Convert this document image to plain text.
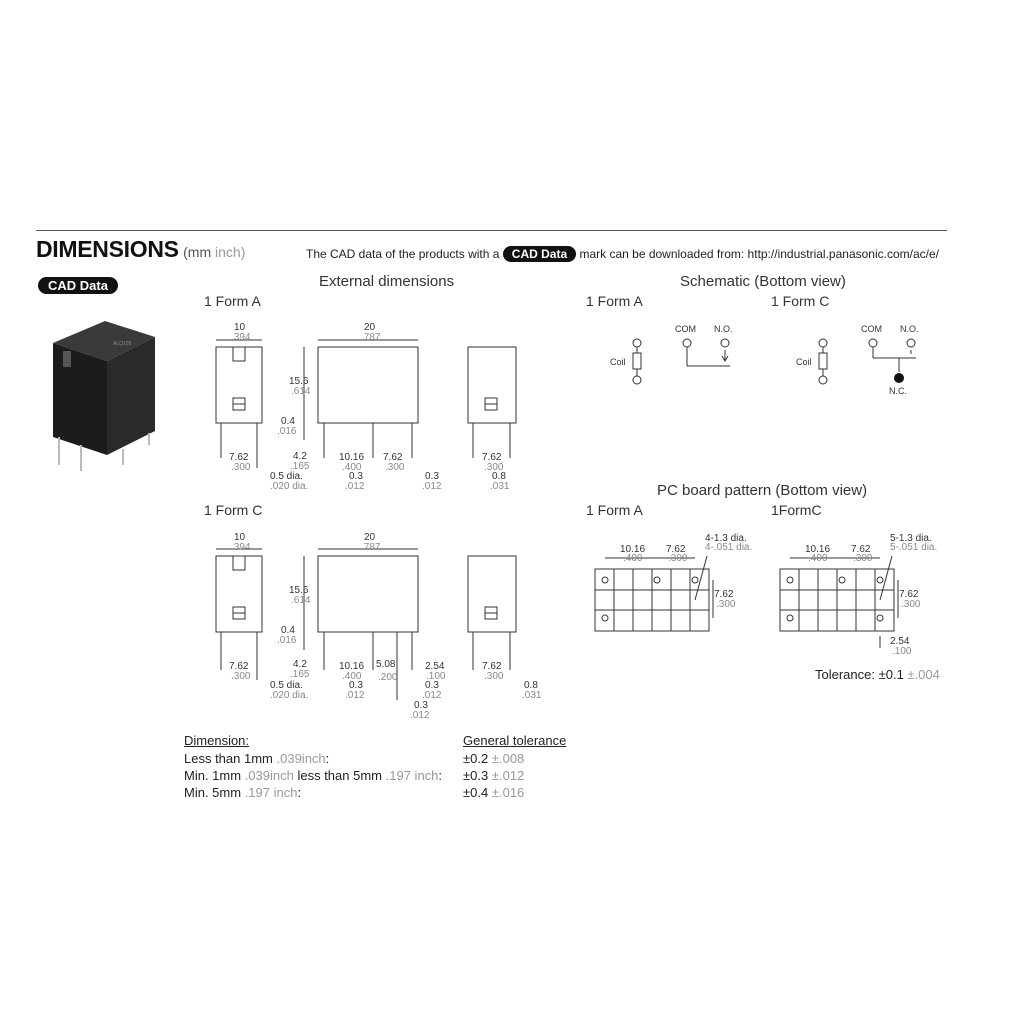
DIMENSIONS (mm inch)	The CAD data of the products with a CAD Data mark can be downloaded from: http://industrial.panasonic.com/ac/e/
CAD Data
ALQ105
External dimensions	Schematic (Bottom view)
PC board pattern (Bottom view)
1 Form A
1 Form C
1 Form A	1 Form C
1 Form A	1FormC
10
.394
20
.787
15.6
.614
0.4
.016
4.2
.165
7.62
.300
0.5 dia.
.020 dia.
10.16
.400
7.62
.300
0.3
.012
0.3
.012
7.62
.300
0.8
.031
10
.394
20
.787
15.6
.614
0.4
.016
4.2
.165
7.62
.300
0.5 dia.
.020 dia.
10.16
.400
5.08
.200
2.54
.100
0.3
.012
0.3
.012
0.3
.012
7.62
.300
0.8
.031
Coil
COM N.O.
Coil
COM N.O.
N.C.
10.16
.400
7.62
.300
4-1.3 dia.
4-.051 dia.
7.62
.300
10.16
.400
7.62
.300
5-1.3 dia.
5-.051 dia.
7.62
.300
2.54
.100
Tolerance: ±0.1 ±.004
Dimension:	General tolerance
Less than 1mm .039inch:	±0.2 ±.008
Min. 1mm .039inch less than 5mm .197 inch: ±0.3 ±.012
Min. 5mm .197 inch:	±0.4 ±.016
